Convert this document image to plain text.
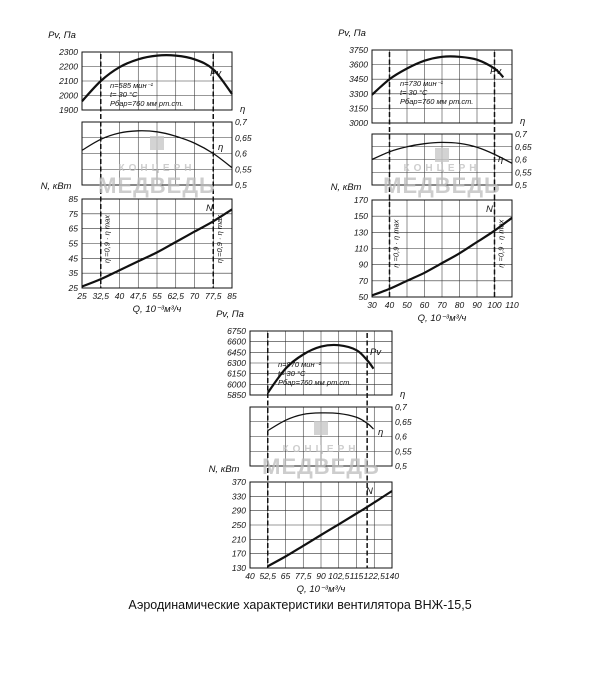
2300
2200
2100
2000
1900
Pv, Па
Pv
n=585 мин⁻¹
t= 30 °С
Рбар=760 мм рт.ст.
0,7
0,65
0,6
0,55
0,5
η
η
85
75
65
55
45
35
25
N, кВт
N
25 32,5 40 47,5 55 62,5 70 77,5 85
Q, 10⁻³м³/ч
η =0,9 · η max	η =0,9 · η max
КОНЦЕРН
МЕДВЕДЬ
3750
3600
3450
3300
3150
3000
Pv, Па
Pv
n=730 мин⁻¹
t= 30 °С
Рбар=760 мм рт.ст.
0,7
0,65
0,6
0,55
0,5
η
η
170
150
130
110
90
70
50
N, кВт
N
30 40 50 60 70 80 90 100 110
Q, 10⁻³м³/ч
η =0,9 · η max	η =0,9 · η max
КОНЦЕРН
МЕДВЕДЬ
6750
6600
6450
6300
6150
6000
5850
Pv, Па
Pv
n=970 мин⁻¹
t= 30 °С
Рбар=760 мм рт.ст.
0,7
0,65
0,6
0,55
0,5
η
η
370
330
290
250
210
170
130
N, кВт
N
40 52,5 65 77,5 90 102,5 115 122,5 140
Q, 10⁻³м³/ч
КОНЦЕРН
МЕДВЕДЬ
Аэродинамические характеристики вентилятора ВНЖ-15,5
